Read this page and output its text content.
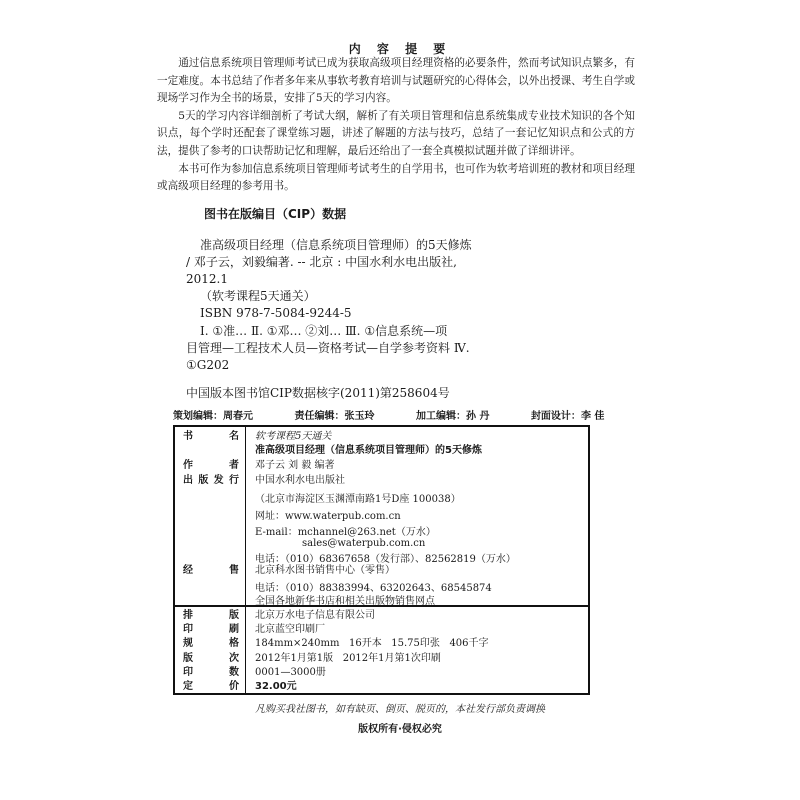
内 容 提 要

通过信息系统项目管理师考试已成为获取高级项目经理资格的必要条件，然而考试知识点繁多，有一定难度。本书总结了作者多年来从事软考教育培训与试题研究的心得体会，以外出授课、考生自学或现场学习作为全书的场景，安排了5天的学习内容。

5天的学习内容详细剖析了考试大纲，解析了有关项目管理和信息系统集成专业技术知识的各个知识点，每个学时还配套了课堂练习题，讲述了解题的方法与技巧，总结了一套记忆知识点和公式的方法，提供了参考的口诀帮助记忆和理解，最后还给出了一套全真模拟试题并做了详细讲评。

本书可作为参加信息系统项目管理师考试考生的自学用书，也可作为软考培训班的教材和项目经理或高级项目经理的参考用书。

图书在版编目（CIP）数据
准高级项目经理（信息系统项目管理师）的5天修炼
/ 邓子云，刘毅编著. -- 北京 : 中国水利水电出版社,
2012.1
（软考课程5天通关）
ISBN 978-7-5084-9244-5
Ⅰ. ①准… Ⅱ. ①邓… ②刘… Ⅲ. ①信息系统—项
目管理—工程技术人员—资格考试—自学参考资料 Ⅳ.
①G202
中国版本图书馆CIP数据核字(2011)第258604号
策划编辑：周春元	责任编辑：张玉玲	加工编辑：孙 丹	封面设计：李 佳
书 名 软考课程5天通关
准高级项目经理（信息系统项目管理师）的5天修炼
作 者 邓子云 刘 毅 编著
出版发行 中国水利水电出版社
（北京市海淀区玉渊潭南路1号D座 100038）
网址：www.waterpub.com.cn
E-mail：mchannel@263.net（万水）
sales@waterpub.com.cn
电话：（010）68367658（发行部）、82562819（万水）
经 售 北京科水图书销售中心（零售）
电话：（010）88383994、63202643、68545874
全国各地新华书店和相关出版物销售网点
排 版 北京万水电子信息有限公司
印 刷 北京蓝空印刷厂
规 格 184mm×240mm   16开本   15.75印张   406千字
版 次 2012年1月第1版   2012年1月第1次印刷
印 数 0001—3000册
定 价 32.00元
凡购买我社图书，如有缺页、倒页、脱页的，本社发行部负责调换
版权所有·侵权必究
